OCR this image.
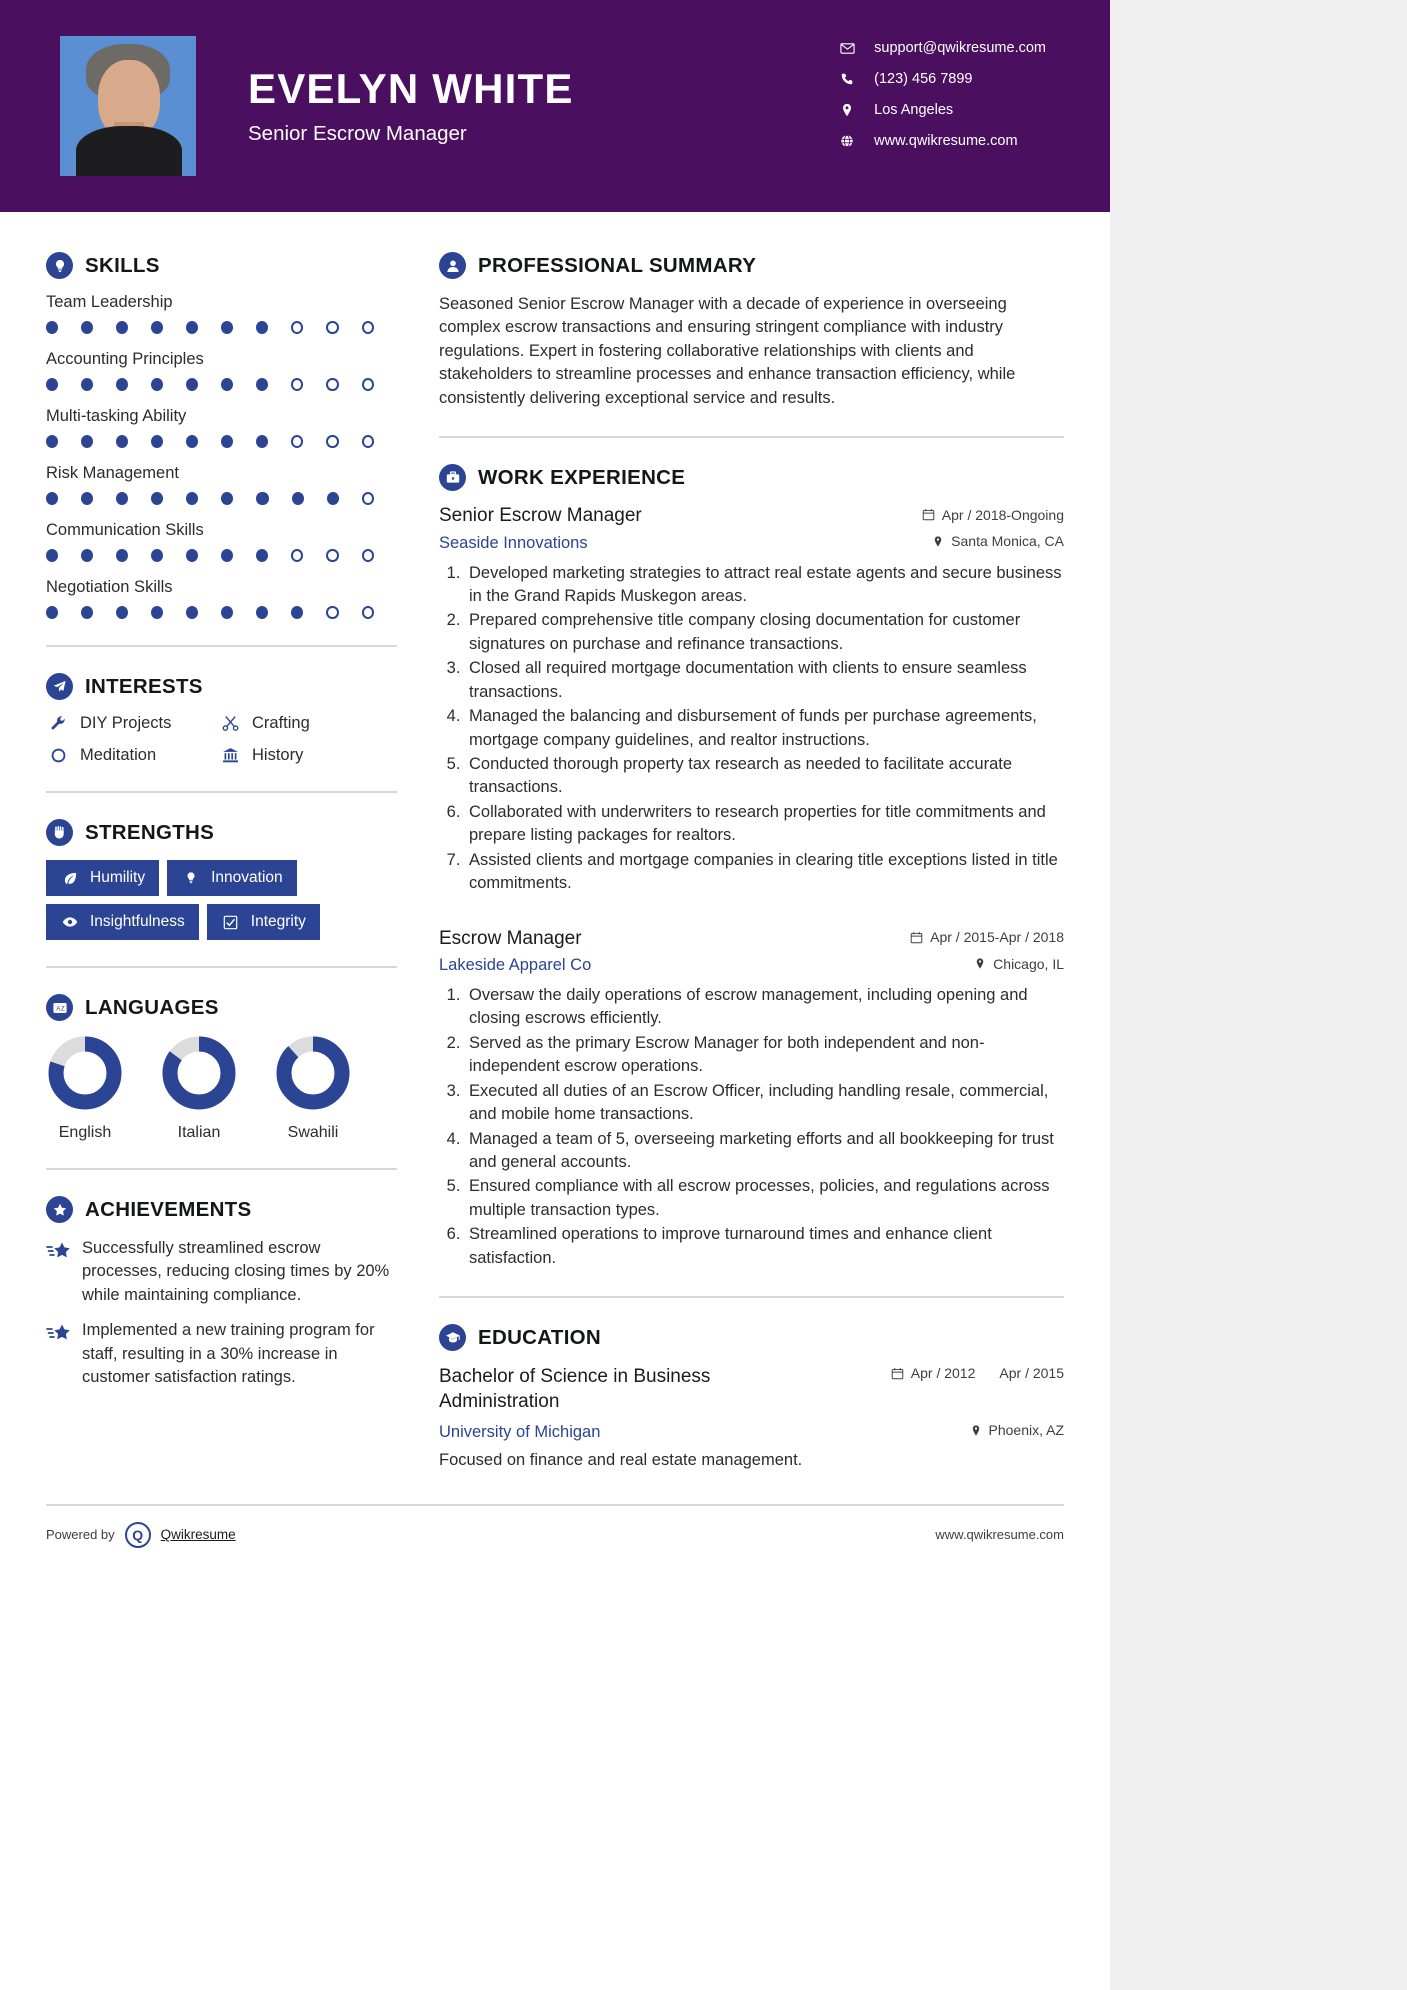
EVELYN WHITE
Senior Escrow Manager
support@qwikresume.com
(123) 456 7899
Los Angeles
www.qwikresume.com
SKILLS
Team Leadership
Accounting Principles
Multi-tasking Ability
Risk Management
Communication Skills
Negotiation Skills
INTERESTS
DIY Projects	Crafting
Meditation	History
STRENGTHS
Humility	Innovation
Insightfulness	Integrity
A Z LANGUAGES
English	Italian	Swahili
ACHIEVEMENTS
Successfully streamlined escrow processes, reducing closing times by 20% while maintaining compliance.
Implemented a new training program for staff, resulting in a 30% increase in customer satisfaction ratings.
PROFESSIONAL SUMMARY
Seasoned Senior Escrow Manager with a decade of experience in overseeing complex escrow transactions and ensuring stringent compliance with industry regulations. Expert in fostering collaborative relationships with clients and stakeholders to streamline processes and enhance transaction efficiency, while consistently delivering exceptional service and results.
WORK EXPERIENCE
Senior Escrow Manager	Apr / 2018-Ongoing
Seaside Innovations	Santa Monica, CA
1. Developed marketing strategies to attract real estate agents and secure business in the Grand Rapids Muskegon areas.
2. Prepared comprehensive title company closing documentation for customer signatures on purchase and refinance transactions.
3. Closed all required mortgage documentation with clients to ensure seamless transactions.
4. Managed the balancing and disbursement of funds per purchase agreements, mortgage company guidelines, and realtor instructions.
5. Conducted thorough property tax research as needed to facilitate accurate transactions.
6. Collaborated with underwriters to research properties for title commitments and prepare listing packages for realtors.
7. Assisted clients and mortgage companies in clearing title exceptions listed in title commitments.
Escrow Manager	Apr / 2015-Apr / 2018
Lakeside Apparel Co	Chicago, IL
1. Oversaw the daily operations of escrow management, including opening and closing escrows efficiently.
2. Served as the primary Escrow Manager for both independent and non-independent escrow operations.
3. Executed all duties of an Escrow Officer, including handling resale, commercial, and mobile home transactions.
4. Managed a team of 5, overseeing marketing efforts and all bookkeeping for trust and general accounts.
5. Ensured compliance with all escrow processes, policies, and regulations across multiple transaction types.
6. Streamlined operations to improve turnaround times and enhance client satisfaction.
EDUCATION
Bachelor of Science in Business Administration
Apr / 2012 Apr / 2015
University of Michigan	Phoenix, AZ
Focused on finance and real estate management.
Powered by Q Qwikresume	www.qwikresume.com
